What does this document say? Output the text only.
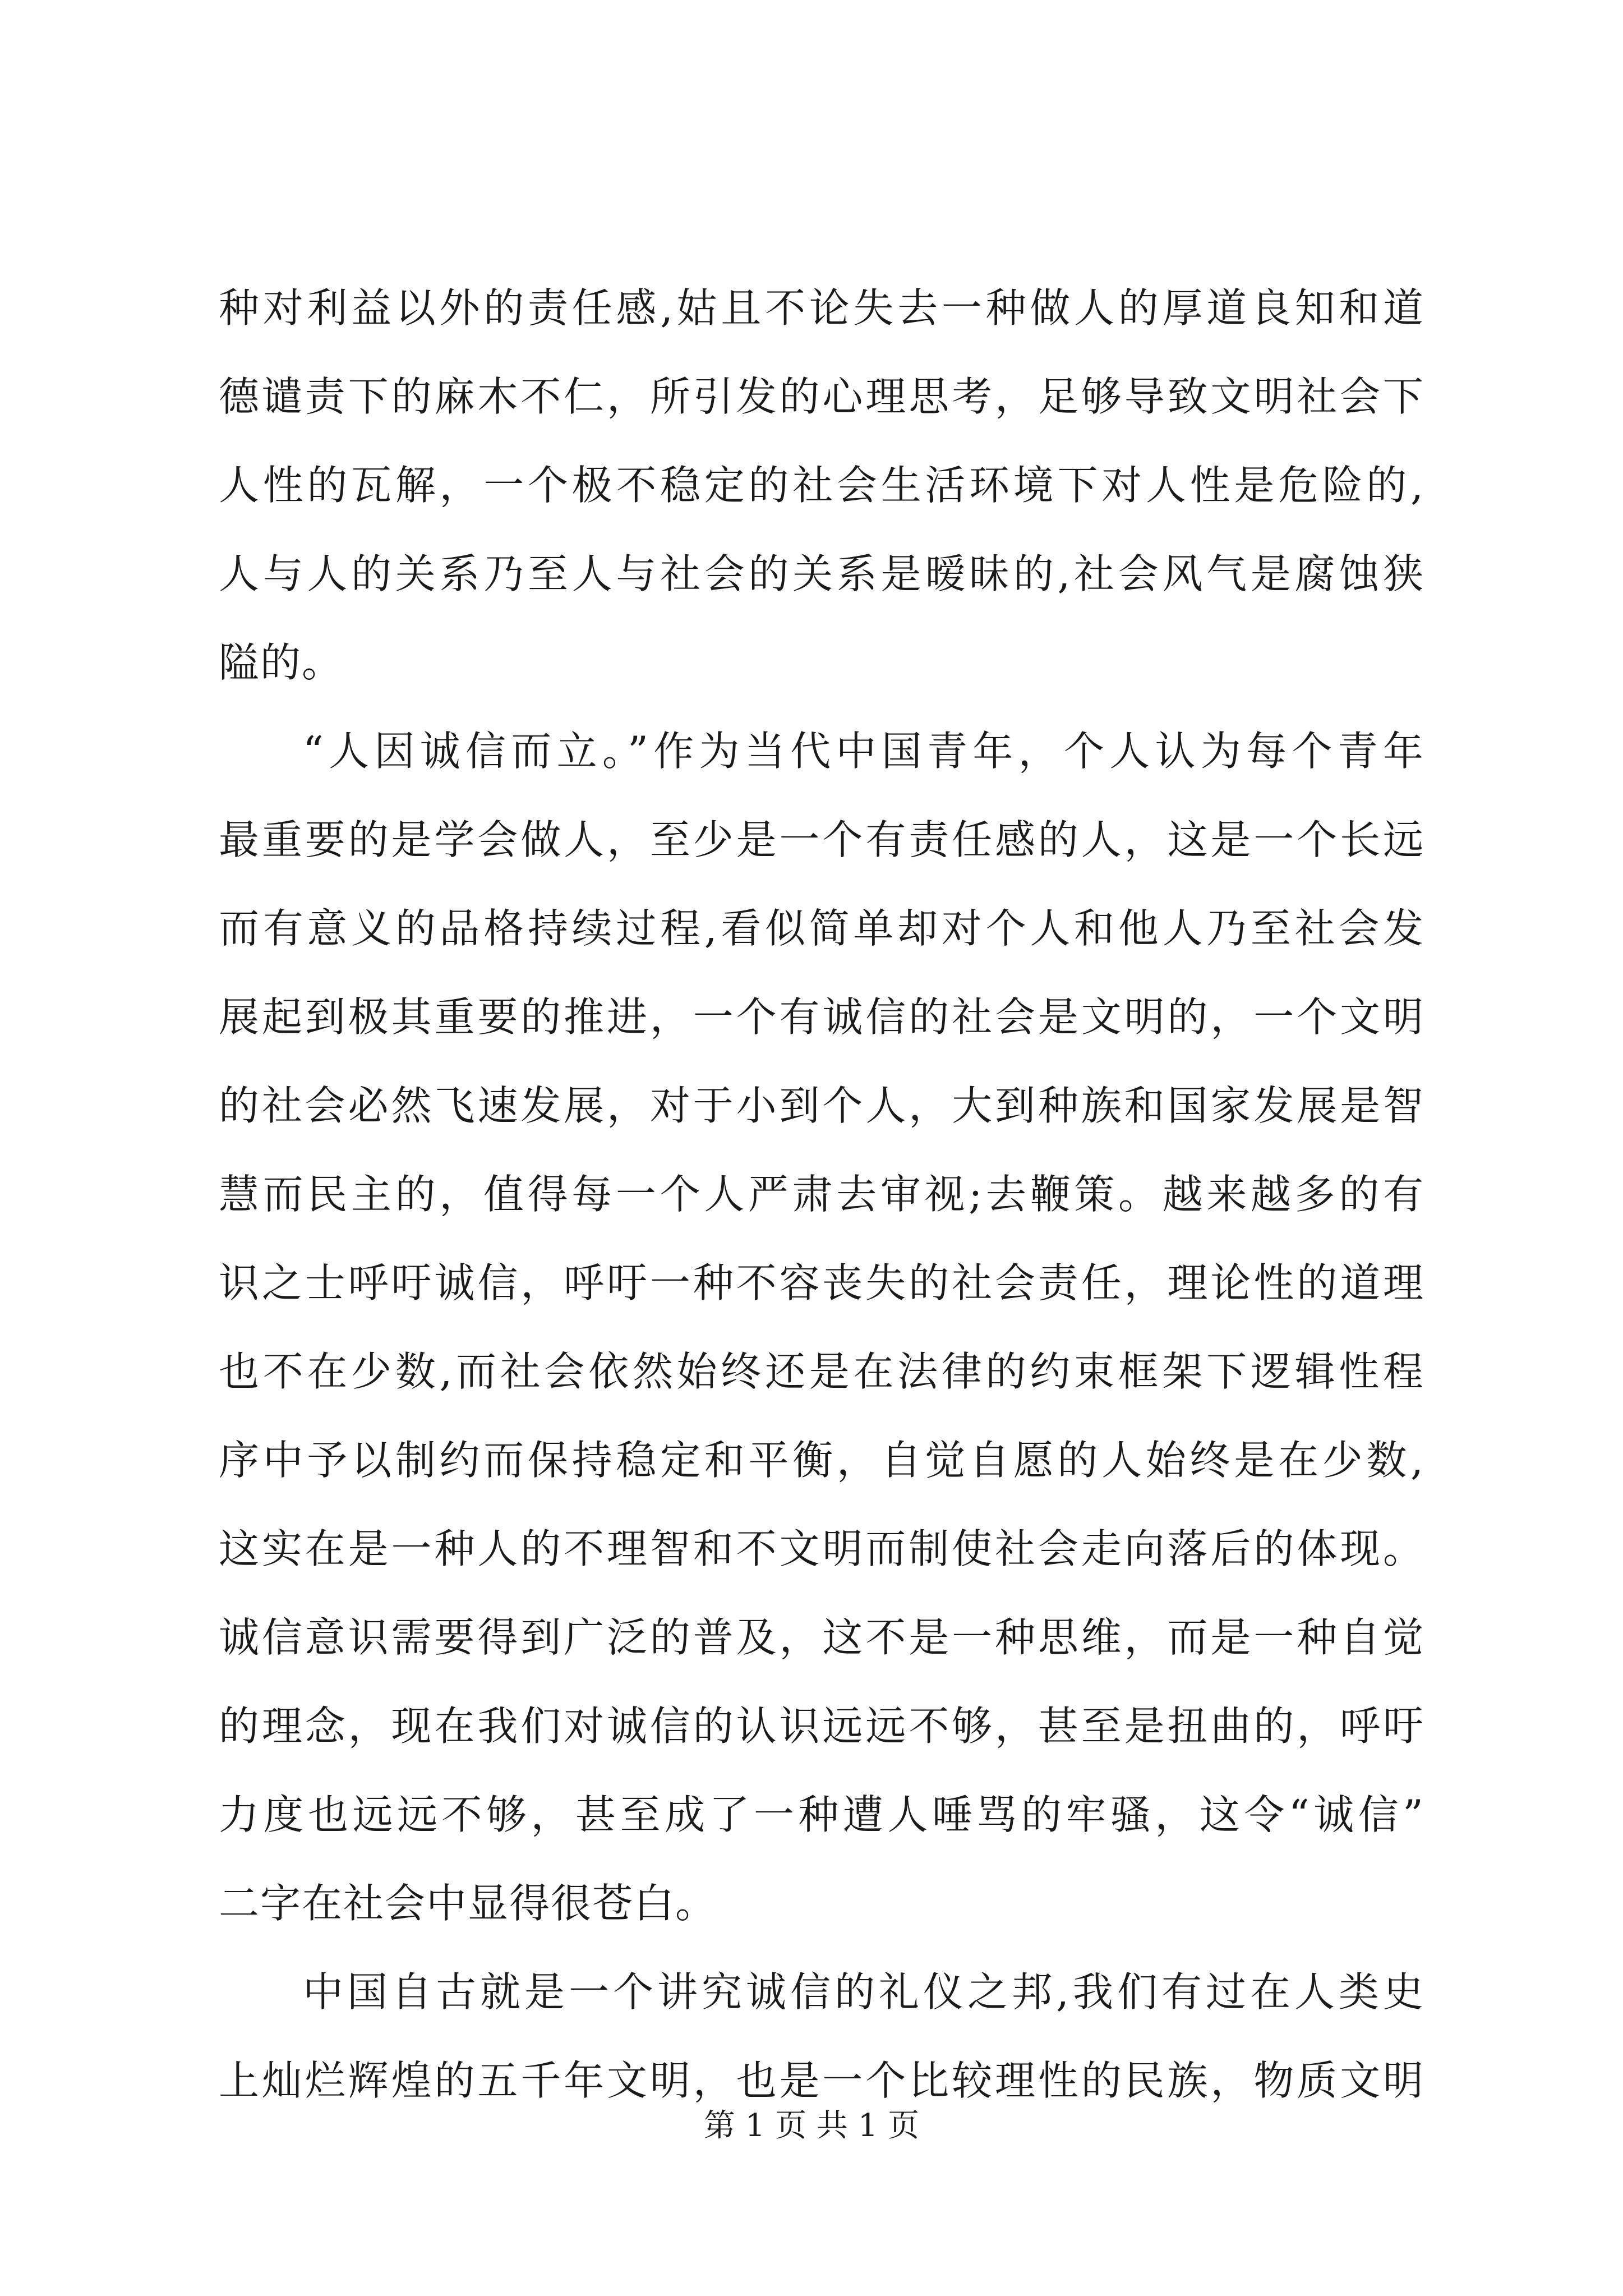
种对利益以外的责任感,姑且不论失去一种做人的厚道良知和道
德谴责下的麻木不仁，所引发的心理思考，足够导致文明社会下
人性的瓦解，一个极不稳定的社会生活环境下对人性是危险的,
人与人的关系乃至人与社会的关系是暧昧的,社会风气是腐蚀狭
隘的。
“人因诚信而立。”作为当代中国青年，个人认为每个青年
最重要的是学会做人，至少是一个有责任感的人，这是一个长远
而有意义的品格持续过程,看似简单却对个人和他人乃至社会发
展起到极其重要的推进，一个有诚信的社会是文明的，一个文明
的社会必然飞速发展，对于小到个人，大到种族和国家发展是智
慧而民主的，值得每一个人严肃去审视;去鞭策。越来越多的有
识之士呼吁诚信，呼吁一种不容丧失的社会责任，理论性的道理
也不在少数,而社会依然始终还是在法律的约束框架下逻辑性程
序中予以制约而保持稳定和平衡，自觉自愿的人始终是在少数,
这实在是一种人的不理智和不文明而制使社会走向落后的体现。
诚信意识需要得到广泛的普及，这不是一种思维，而是一种自觉
的理念，现在我们对诚信的认识远远不够，甚至是扭曲的，呼吁
力度也远远不够，甚至成了一种遭人唾骂的牢骚，这令“诚信”
二字在社会中显得很苍白。
中国自古就是一个讲究诚信的礼仪之邦,我们有过在人类史
上灿烂辉煌的五千年文明，也是一个比较理性的民族，物质文明
第 1 页 共 1 页
